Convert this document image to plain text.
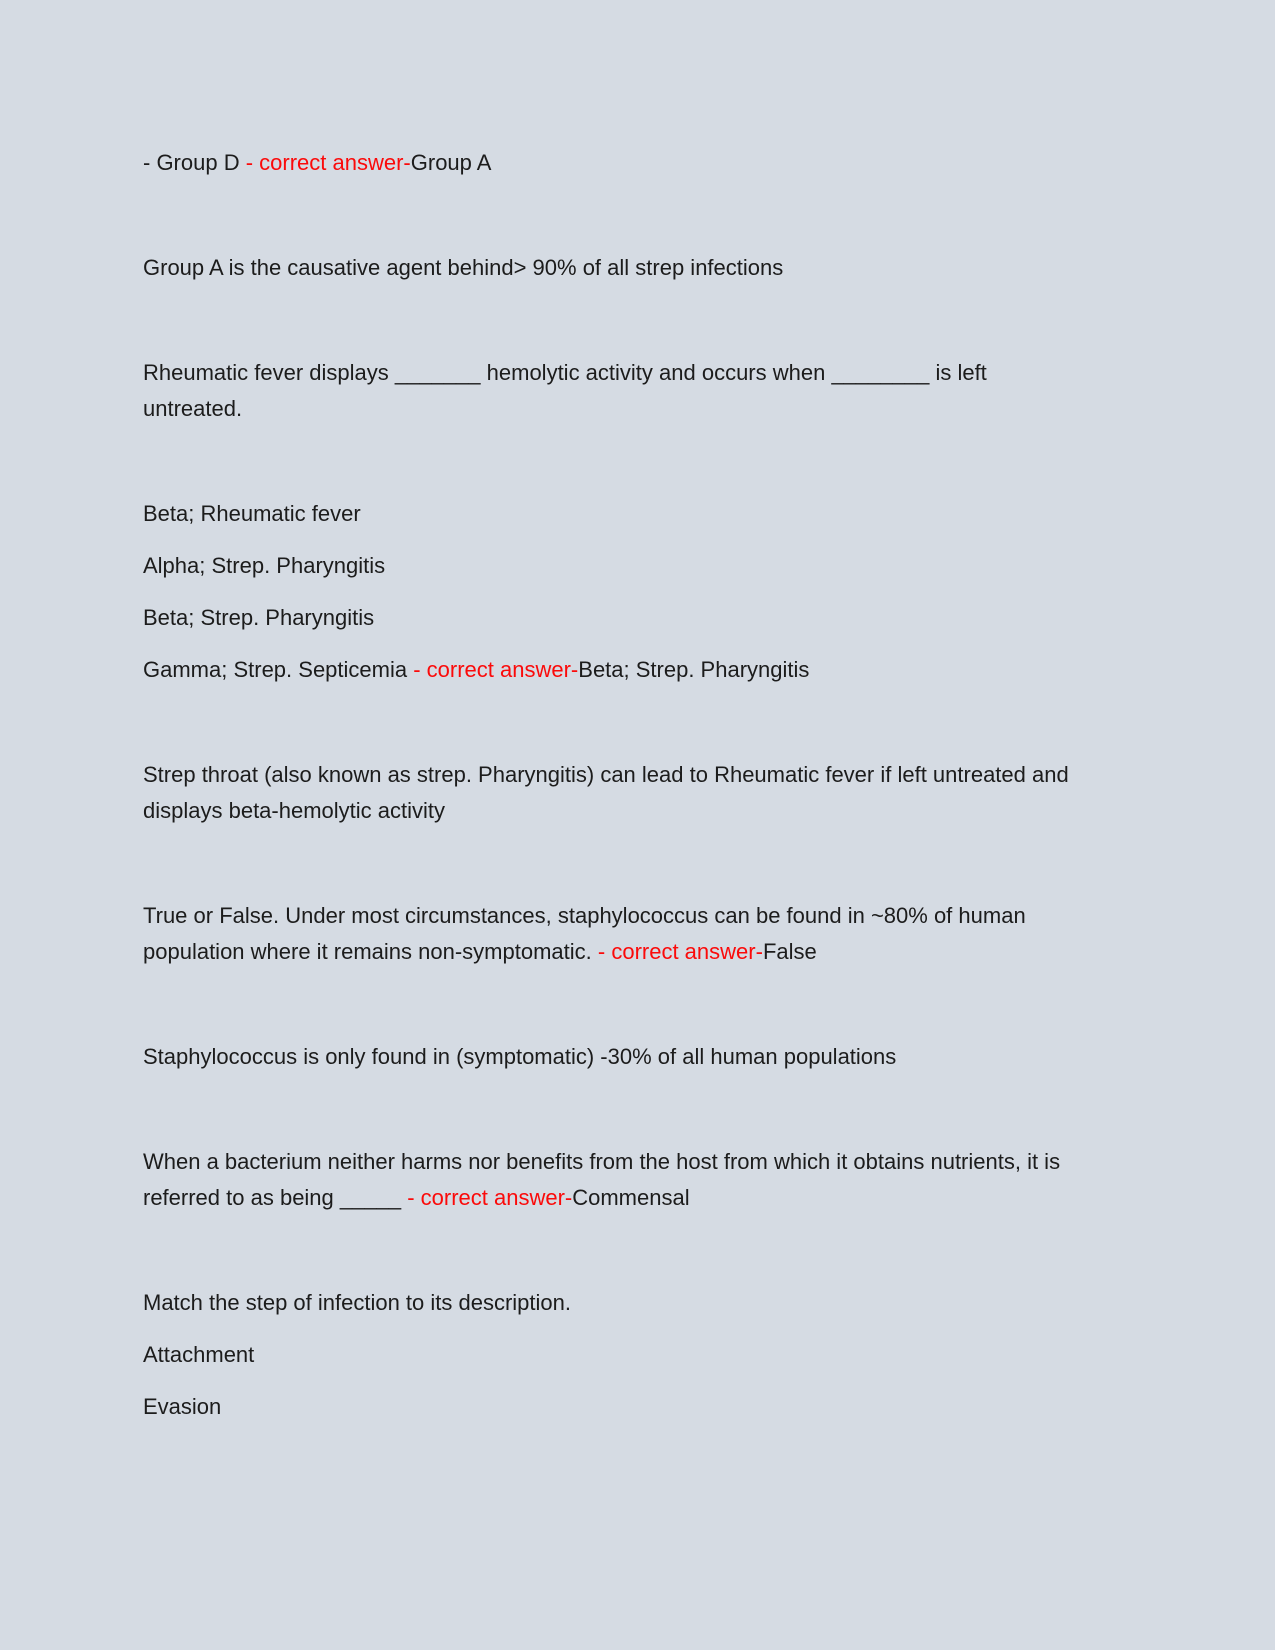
- Group D - correct answer-Group A

Group A is the causative agent behind> 90% of all strep infections

Rheumatic fever displays _______ hemolytic activity and occurs when ________ is left untreated.

Beta; Rheumatic fever

Alpha; Strep. Pharyngitis

Beta; Strep. Pharyngitis

Gamma; Strep. Septicemia - correct answer-Beta; Strep. Pharyngitis

Strep throat (also known as strep. Pharyngitis) can lead to Rheumatic fever if left untreated and displays beta-hemolytic activity

True or False. Under most circumstances, staphylococcus can be found in ~80% of human population where it remains non-symptomatic. - correct answer-False

Staphylococcus is only found in (symptomatic) -30% of all human populations

When a bacterium neither harms nor benefits from the host from which it obtains nutrients, it is referred to as being _____ - correct answer-Commensal

Match the step of infection to its description.

Attachment

Evasion
